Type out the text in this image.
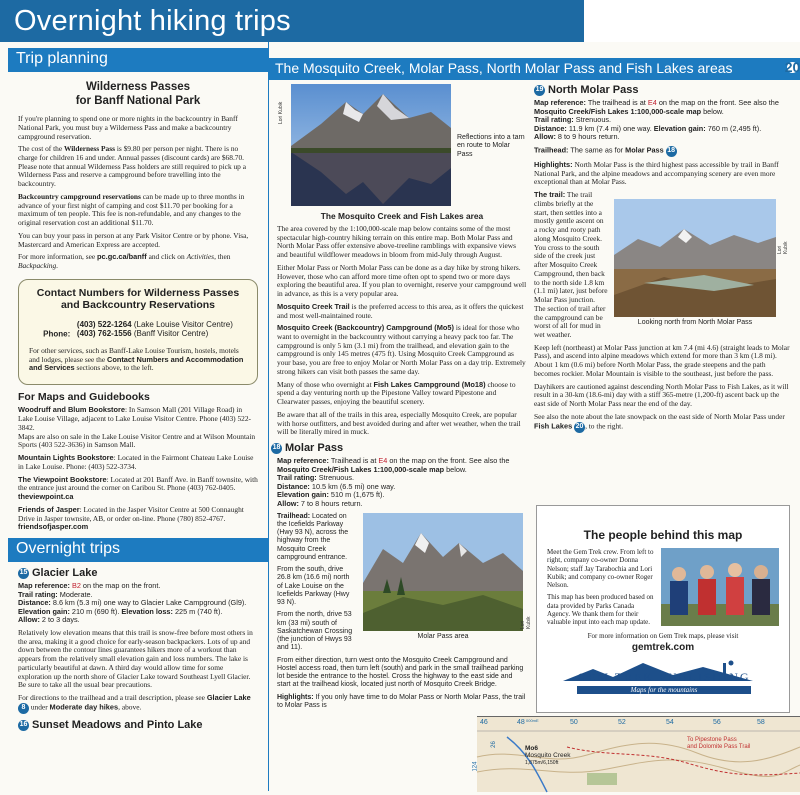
Overnight hiking trips
Trip planning
Wilderness Passes
for Banff National Park

If you're planning to spend one or more nights in the backcountry in Banff National Park, you must buy a Wilderness Pass and make a backcountry campground reservation.

The cost of the Wilderness Pass is $9.80 per person per night. There is no charge for children 16 and under. Annual passes (discount cards) are $68.70. Please note that annual Wilderness Pass holders are still required to pick up a Wilderness Pass and reserve a campground before travelling into the backcountry.

Backcountry campground reservations can be made up to three months in advance of your first night of camping and cost $11.70 per booking for a maximum of ten people. This fee is non-refundable, and any changes to the original reservation cost an additional $11.70.

You can buy your pass in person at any Park Visitor Centre or by phone. Visa, Mastercard and American Express are accepted.

For more information, see pc.gc.ca/banff and click on Activities, then Backpacking.

Contact Numbers for Wilderness Passes
and Backcountry Reservations
Phone:   (403) 522-1264 (Lake Louise Visitor Centre)
(403) 762-1556 (Banff Visitor Centre)

For other services, such as Banff-Lake Louise Tourism, hostels, motels and lodges, please see the Contact Numbers and Accommodation and Services sections above, to the left.

For Maps and Guidebooks

Woodruff and Blum Bookstore: In Samson Mall (201 Village Road) in Lake Louise Village, adjacent to Lake Louise Visitor Centre. Phone (403) 522-3842.
Maps are also on sale in the Lake Louise Visitor Centre and at Wilson Mountain Sports (403 522-3636) in Samson Mall.

Mountain Lights Bookstore: Located in the Fairmont Chateau Lake Louise in Lake Louise. Phone: (403) 522-3734.

The Viewpoint Bookstore: Located at 201 Banff Ave. in Banff townsite, with the entrance just around the corner on Caribou St. Phone (403) 762-0405. theviewpoint.ca

Friends of Jasper: Located in the Jasper Visitor Centre at 500 Connaught Drive in Jasper townsite, AB, or order on-line. Phone (780) 852-4767. friendsofjasper.com

Overnight trips
15 Glacier Lake
Map reference: B2 on the map on the front.
Trail rating: Moderate.
Distance: 8.6 km (5.3 mi) one way to Glacier Lake Campground (Gl9).
Elevation gain: 210 m (690 ft). Elevation loss: 225 m (740 ft).
Allow: 2 to 3 days.

Relatively low elevation means that this trail is snow-free before most others in the area, making it a good choice for early-season backpackers. Lots of up and down between the contour lines guarantees hikers more of a workout than appears from the relatively small elevation gain and loss numbers. The lake is particularly beautiful at dawn. A third day would allow time for some exploration up the north shore of Glacier Lake toward Southeast Lyell Glacier. Be sure to take all the usual bear precautions.

For directions to the trailhead and a trail description, please see Glacier Lake 8 under Moderate day hikes, above.

16 Sunset Meadows and Pinto Lake
The Mosquito Creek, Molar Pass, North Molar Pass and Fish Lakes areas	20
Reflections into a tarn en route to Molar Pass
Lori Kubik
The Mosquito Creek and Fish Lakes area

The area covered by the 1:100,000-scale map below contains some of the most spectacular high-country hiking terrain on this entire map. Both Molar Pass and North Molar Pass offer extensive above-treeline ramblings with expansive views and beautiful wildflower meadows in bloom from mid-July through August.

Either Molar Pass or North Molar Pass can be done as a day hike by strong hikers. However, those who can afford more time often opt to spend two or more days exploring the beautiful area. If you plan to overnight, reserve your campground well in advance, as this is a very popular area.

Mosquito Creek Trail is the preferred access to this area, as it offers the quickest and most well-maintained route.

Mosquito Creek (Backcountry) Campground (Mo5) is ideal for those who want to overnight in the backcountry without carrying a heavy pack too far. The campground is only 5 km (3.1 mi) from the trailhead, and elevation gain to the campground is only 145 metres (475 ft). Using Mosquito Creek Campground as your base, you are free to enjoy Molar or North Molar Pass on a day trip. Extremely strong hikers can visit both passes the same day.

Many of those who overnight at Fish Lakes Campground (Mo18) choose to spend a day venturing north up the Pipestone Valley toward Pipestone and Clearwater passes, enjoying the beautiful scenery.

Be aware that all of the trails in this area, especially Mosquito Creek, are popular with horse outfitters, and best avoided during and after wet weather, when the trail will be literally mired in muck.

18 Molar Pass
Map reference: Trailhead is at E4 on the map on the front. See also the Mosquito Creek/Fish Lakes 1:100,000-scale map below.
Trail rating: Strenuous.
Distance: 10.5 km (6.5 mi) one way.
Elevation gain: 510 m (1,675 ft).
Allow: 7 to 8 hours return.

Trailhead: Located on the Icefields Parkway (Hwy 93 N), across the highway from the Mosquito Creek campground entrance.

From the south, drive 26.8 km (16.6 mi) north of Lake Louise on the Icefields Parkway (Hwy 93 N).

From the north, drive 53 km (33 mi) south of Saskatchewan Crossing (the junction of Hwys 93 and 11).

Molar Pass area
Lori Kubik

From either direction, turn west onto the Mosquito Creek Campground and Hostel access road, then turn left (south) and park in the small trailhead parking lot beside the entrance to the hostel. Cross the highway to the east side and start at the trailhead kiosk, located just north of Mosquito Creek Bridge.

Highlights: If you only have time to do Molar Pass or North Molar Pass, the trail to Molar Pass is

19 North Molar Pass
Map reference: The trailhead is at E4 on the map on the front. See also the Mosquito Creek/Fish Lakes 1:100,000-scale map below.
Trail rating: Strenuous.
Distance: 11.9 km (7.4 mi) one way. Elevation gain: 760 m (2,495 ft).
Allow: 8 to 9 hours return.

Trailhead: The same as for Molar Pass 18

Highlights: North Molar Pass is the third highest pass accessible by trail in Banff National Park, and the alpine meadows and accompanying scenery are even more exceptional than at Molar Pass.

The trail: The trail climbs briefly at the start, then settles into a mostly gentle ascent on a rocky and rooty path along Mosquito Creek. You cross to the south side of the creek just after Mosquito Creek Campground, then back to the north side 1.8 km (1.1 mi) later, just before Molar Pass junction. The section of trail after the campground can be worst of all for mud in wet weather.

Looking north from North Molar Pass
Lori Kubik

Keep left (northeast) at Molar Pass junction at km 7.4 (mi 4.6) (straight leads to Molar Pass), and ascend into alpine meadows which extend for more than 3 km (1.8 mi). About 1 km (0.6 mi) before North Molar Pass, the grade steepens and the path becomes rockier. Molar Mountain is visible to the southeast, just before the pass.

Dayhikers are cautioned against descending North Molar Pass to Fish Lakes, as it will result in a 30-km (18.6-mi) day with a stiff 365-metre (1,200-ft) ascent back up the east side of North Molar Pass near the end of the day.

See also the note about the late snowpack on the east side of North Molar Pass under Fish Lakes 20 , to the right.

The people behind this map

Meet the Gem Trek crew. From left to right, company co-owner Donna Nelson; staff Jay Tarabochia and Lori Kubik; and company co-owner Roger Nelson.

This map has been produced based on data provided by Parks Canada Agency. We thank them for their valuable input into each map update.

For more information on Gem Trek maps, please visit
gemtrek.com
GEM TREK PUBLISHING
Maps for the mountains
46	48 000mE	50	52	54	56	58
124
26
Mo6
Mosquito Creek
1,875m/6,150ft
To Pipestone Pass
and Dolomite Pass Trail
